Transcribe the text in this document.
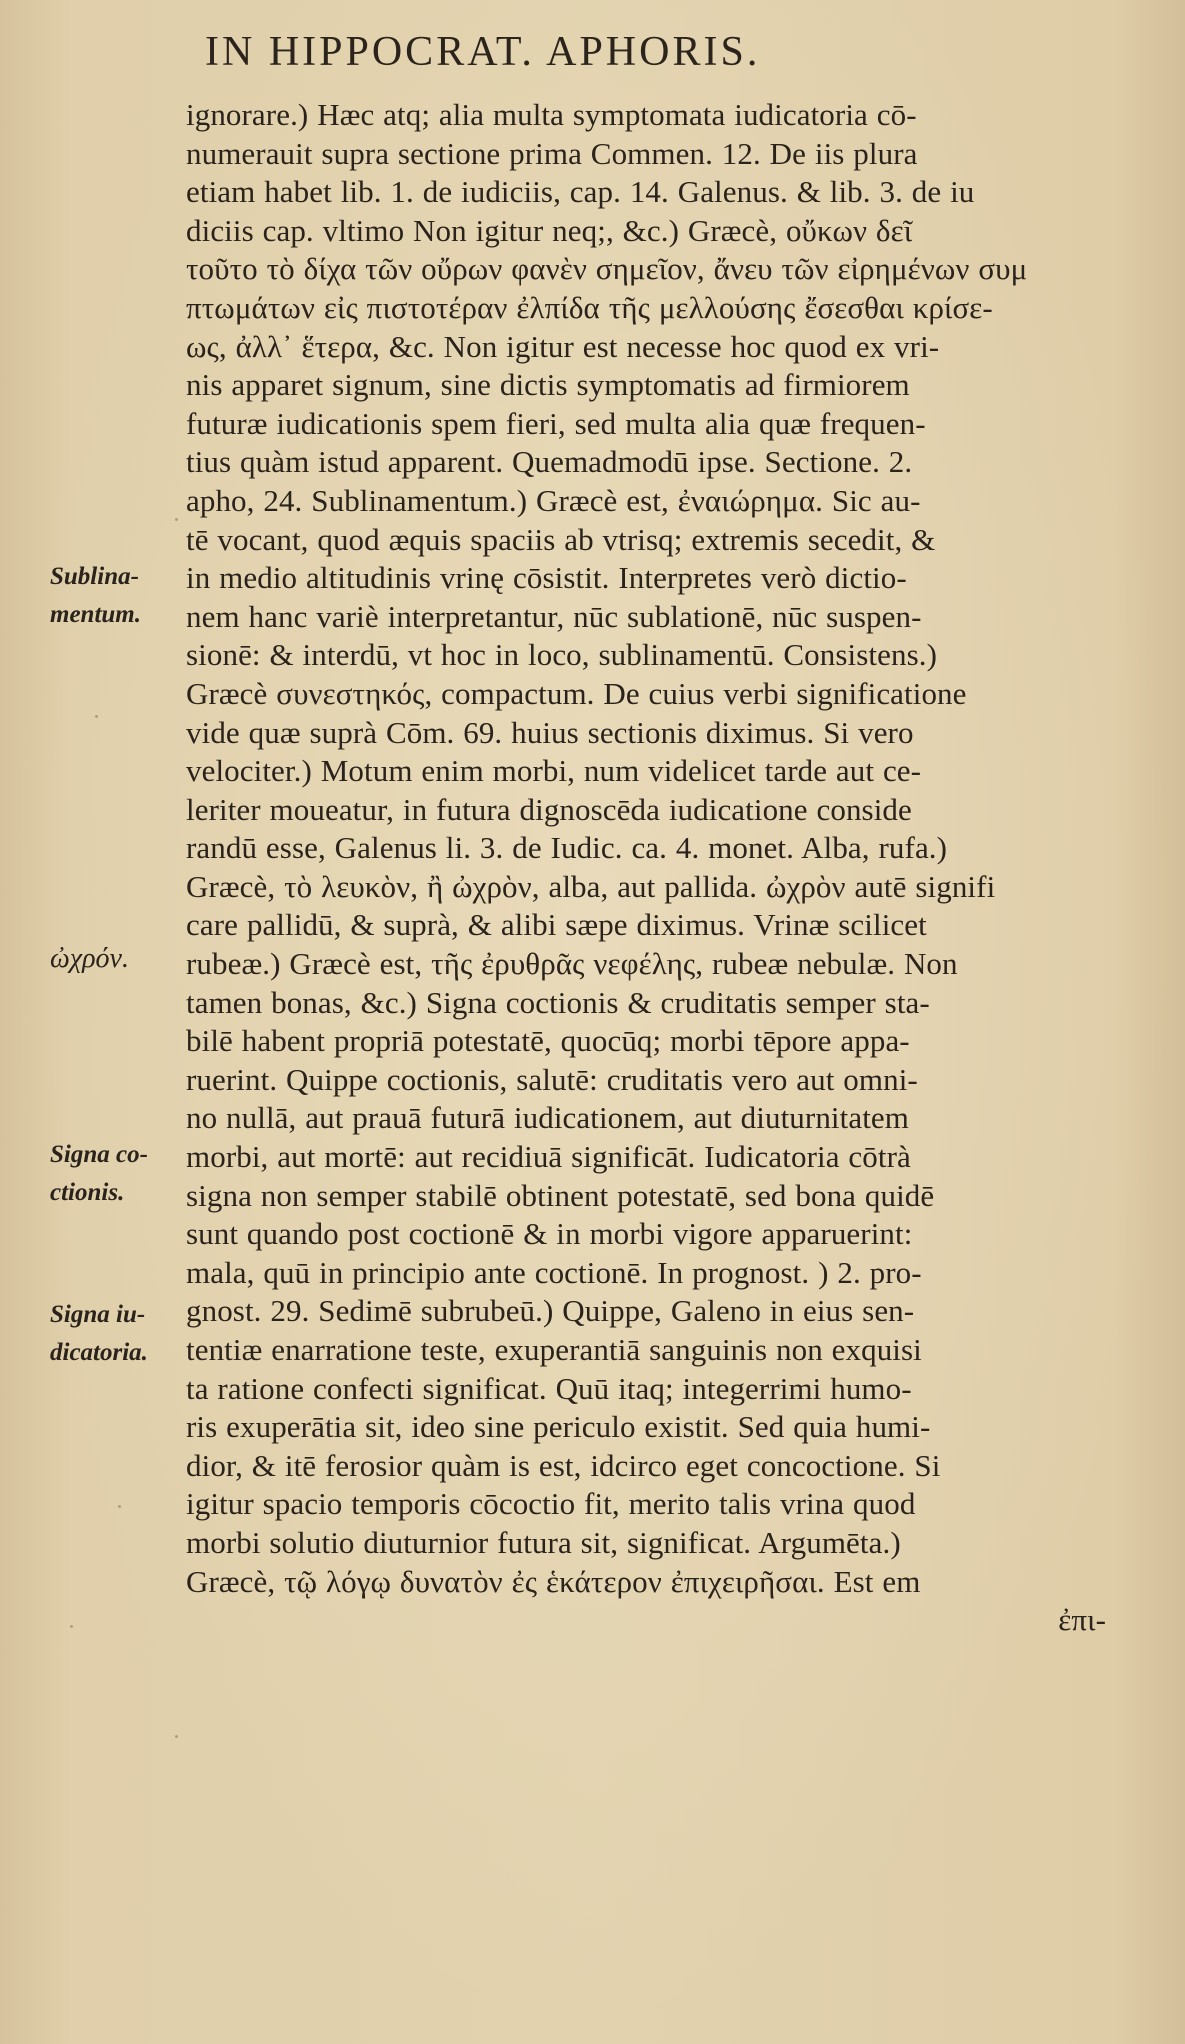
IN HIPPOCRAT. APHORIS.
ignorare.) Hæc atq; alia multa symptomata iudicatoria cō-
numerauit supra sectione prima Commen. 12. De iis plura
etiam habet lib. 1. de iudiciis, cap. 14. Galenus. & lib. 3. de iu
diciis cap. vltimo Non igitur neq;, &c.) Græcè, οὔκων δεῖ
τοῦτο τὸ δίχα τῶν οὔρων φανὲν σημεῖον, ἄνευ τῶν εἰρημένων συμ
πτωμάτων εἰς πιστοτέραν ἐλπίδα τῆς μελλούσης ἔσεσθαι κρίσε-
ως, ἀλλ᾽ ἕτερα, &c. Non igitur est necesse hoc quod ex vri-
nis apparet signum, sine dictis symptomatis ad firmiorem
futuræ iudicationis spem fieri, sed multa alia quæ frequen-
tius quàm istud apparent. Quemadmodū ipse. Sectione. 2.
apho, 24. Sublinamentum.) Græcè est, ἐναιώρημα. Sic au-
tē vocant, quod æquis spaciis ab vtrisq; extremis secedit, &
in medio altitudinis vrinę cōsistit. Interpretes verò dictio-
nem hanc variè interpretantur, nūc sublationē, nūc suspen-
sionē: & interdū, vt hoc in loco, sublinamentū. Consistens.)
Græcè συνεστηκός, compactum. De cuius verbi significatione
vide quæ suprà Cōm. 69. huius sectionis diximus. Si vero
velociter.) Motum enim morbi, num videlicet tarde aut ce-
leriter moueatur, in futura dignoscēda iudicatione conside
randū esse, Galenus li. 3. de Iudic. ca. 4. monet. Alba, rufa.)
Græcè, τὸ λευκὸν, ἢ ὠχρὸν, alba, aut pallida. ὠχρὸν autē signifi
care pallidū, & suprà, & alibi sæpe diximus. Vrinæ scilicet
rubeæ.) Græcè est, τῆς ἐρυθρᾶς νεφέλης, rubeæ nebulæ. Non
tamen bonas, &c.) Signa coctionis & cruditatis semper sta-
bilē habent propriā potestatē, quocūq; morbi tēpore appa-
ruerint. Quippe coctionis, salutē: cruditatis vero aut omni-
no nullā, aut prauā futurā iudicationem, aut diuturnitatem
morbi, aut mortē: aut recidiuā significāt. Iudicatoria cōtrà
signa non semper stabilē obtinent potestatē, sed bona quidē
sunt quando post coctionē & in morbi vigore apparuerint:
mala, quū in principio ante coctionē. In prognost. ) 2. pro-
gnost. 29. Sedimē subrubeū.) Quippe, Galeno in eius sen-
tentiæ enarratione teste, exuperantiā sanguinis non exquisi
ta ratione confecti significat. Quū itaq; integerrimi humo-
ris exuperātia sit, ideo sine periculo existit. Sed quia humi-
dior, & itē ferosior quàm is est, idcirco eget concoctione. Si
igitur spacio temporis cōcoctio fit, merito talis vrina quod
morbi solutio diuturnior futura sit, significat. Argumēta.)
Græcè, τῷ λόγῳ δυνατὸν ἐς ἑκάτερον ἐπιχειρῆσαι. Est em
ἐπι-
Sublina-
mentum.
ὠχρόν.
Signa co-
ctionis.
Signa iu-
dicatoria.
